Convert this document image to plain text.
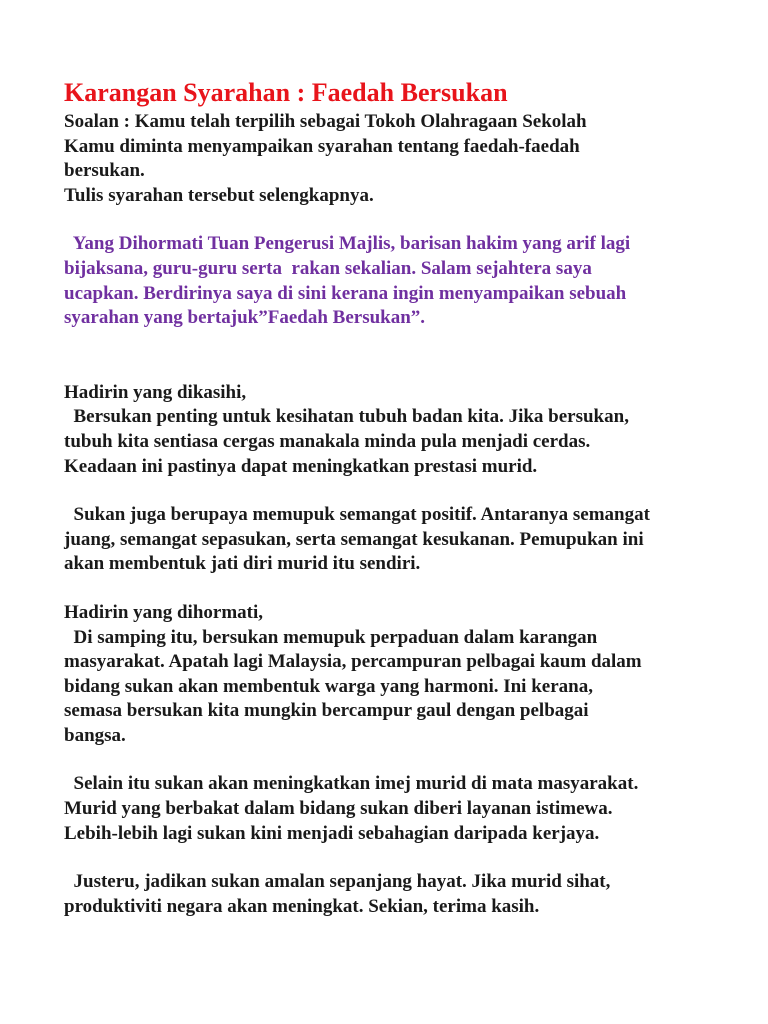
Karangan Syarahan : Faedah Bersukan
Soalan : Kamu telah terpilih sebagai Tokoh Olahragaan Sekolah
Kamu diminta menyampaikan syarahan tentang faedah-faedah
bersukan.
Tulis syarahan tersebut selengkapnya.
Yang Dihormati Tuan Pengerusi Majlis, barisan hakim yang arif lagi
bijaksana, guru-guru serta  rakan sekalian. Salam sejahtera saya
ucapkan. Berdirinya saya di sini kerana ingin menyampaikan sebuah
syarahan yang bertajuk”Faedah Bersukan”.
Hadirin yang dikasihi,
Bersukan penting untuk kesihatan tubuh badan kita. Jika bersukan,
tubuh kita sentiasa cergas manakala minda pula menjadi cerdas.
Keadaan ini pastinya dapat meningkatkan prestasi murid.
Sukan juga berupaya memupuk semangat positif. Antaranya semangat
juang, semangat sepasukan, serta semangat kesukanan. Pemupukan ini
akan membentuk jati diri murid itu sendiri.
Hadirin yang dihormati,
Di samping itu, bersukan memupuk perpaduan dalam karangan
masyarakat. Apatah lagi Malaysia, percampuran pelbagai kaum dalam
bidang sukan akan membentuk warga yang harmoni. Ini kerana,
semasa bersukan kita mungkin bercampur gaul dengan pelbagai
bangsa.
Selain itu sukan akan meningkatkan imej murid di mata masyarakat.
Murid yang berbakat dalam bidang sukan diberi layanan istimewa.
Lebih-lebih lagi sukan kini menjadi sebahagian daripada kerjaya.
Justeru, jadikan sukan amalan sepanjang hayat. Jika murid sihat,
produktiviti negara akan meningkat. Sekian, terima kasih.
